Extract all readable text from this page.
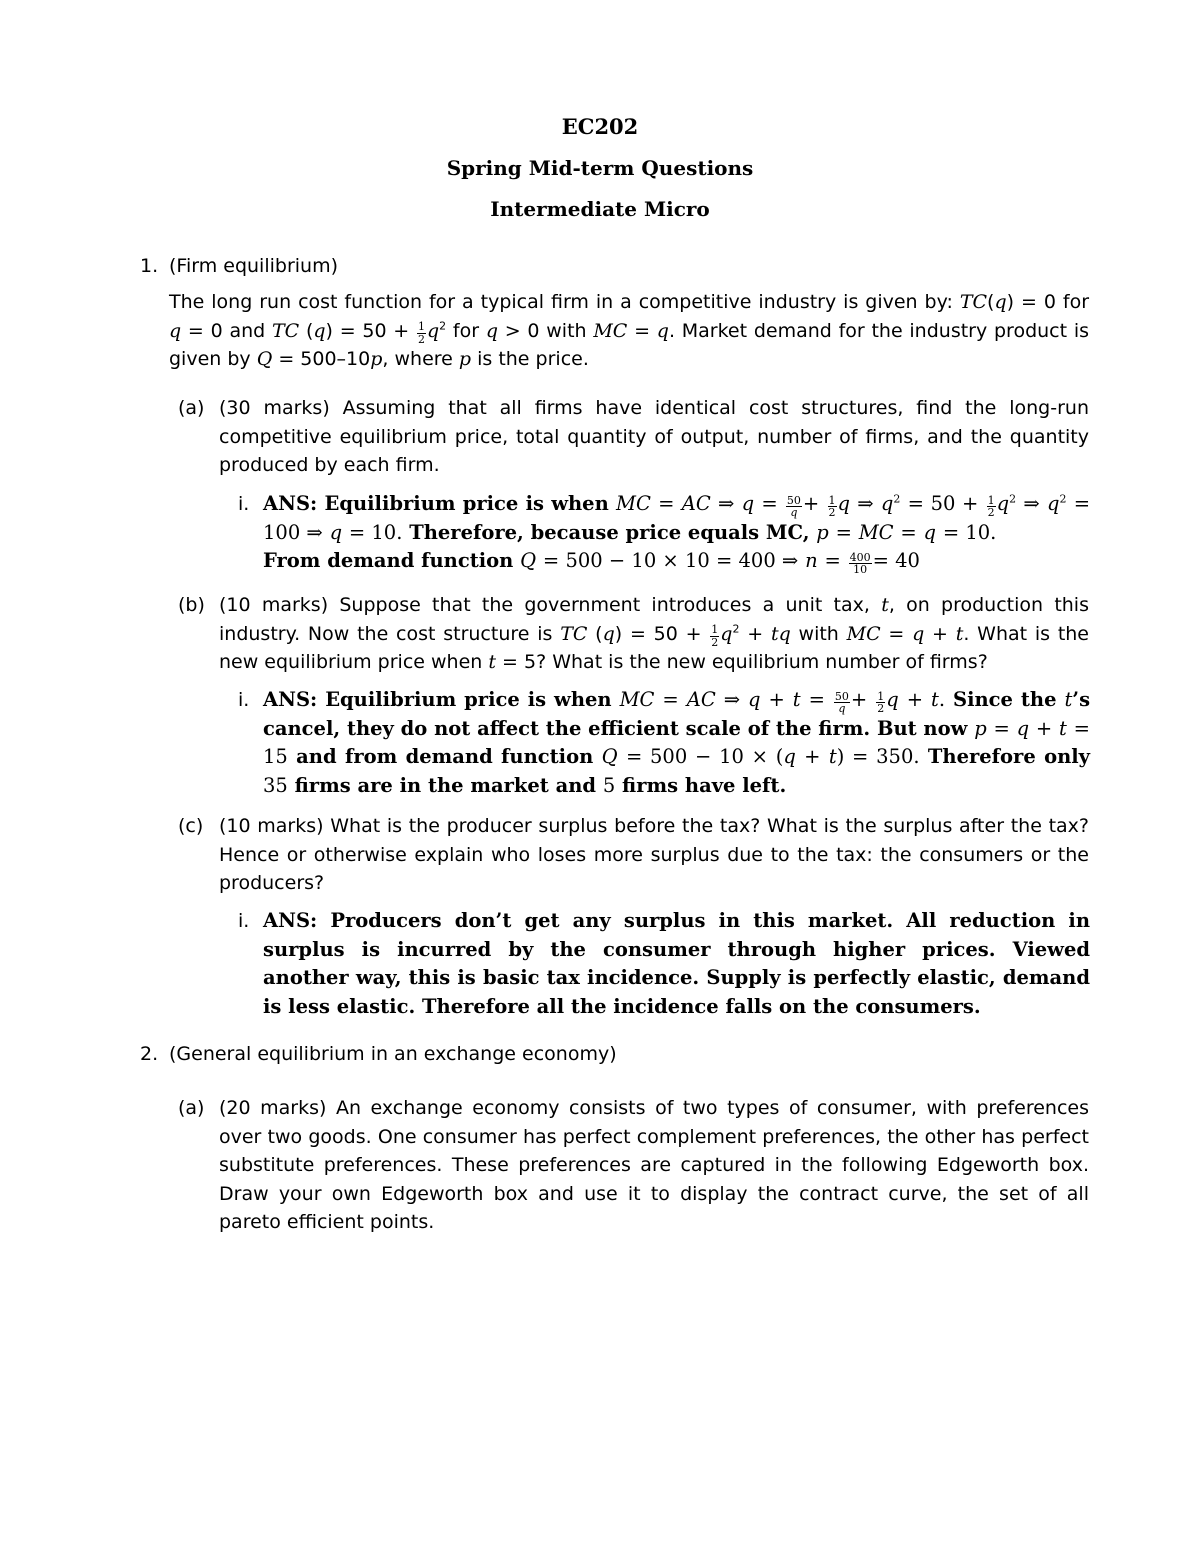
EC202
Spring Mid-term Questions
Intermediate Micro
1. (Firm equilibrium)
The long run cost function for a typical firm in a competitive industry is given by: TC(q) = 0 for q = 0 and TC $(q) = 50 + \frac{1}{2} q^2$ for q > 0 with MC = q. Market demand for the industry product is given by Q = 500–10p, where p is the price.
(a) (30 marks) Assuming that all firms have identical cost structures, find the long-run competitive equilibrium price, total quantity of output, number of firms, and the quantity produced by each firm.
i. ANS: Equilibrium price is when MC = AC ⇒ $q = \frac{50}{q} + \frac{1}{2}$ q ⇒ $q^2 = 50 + \frac{1}{2} q^2$ ⇒ $q^2 = 100$ ⇒ q = 10. Therefore, because price equals MC, p = MC = q = 10.
From demand function Q = 500 − 10 × 10 = 400 ⇒ $n = \frac{400}{10} = 40$
(b) (10 marks) Suppose that the government introduces a unit tax, t, on production this industry. Now the cost structure is TC $(q) = 50 + \frac{1}{2} q^2$ + tq with MC = q + t. What is the new equilibrium price when t = 5? What is the new equilibrium number of firms?
i. ANS: Equilibrium price is when MC = AC ⇒ $q + t = \frac{50}{q} + \frac{1}{2}$ q + t. Since the t’s cancel, they do not affect the efficient scale of the firm. But now p = q + t = 15 and from demand function Q = 500 − 10 × (q + t) = 350. Therefore only 35 firms are in the market and 5 firms have left.
(c) (10 marks) What is the producer surplus before the tax? What is the surplus after the tax? Hence or otherwise explain who loses more surplus due to the tax: the consumers or the producers?
i. ANS: Producers don’t get any surplus in this market. All reduction in surplus is incurred by the consumer through higher prices. Viewed another way, this is basic tax incidence. Supply is perfectly elastic, demand is less elastic. Therefore all the incidence falls on the consumers.
2. (General equilibrium in an exchange economy)
(a) (20 marks) An exchange economy consists of two types of consumer, with preferences over two goods. One consumer has perfect complement preferences, the other has perfect substitute preferences. These preferences are captured in the following Edgeworth box. Draw your own Edgeworth box and use it to display the contract curve, the set of all pareto efficient points.
